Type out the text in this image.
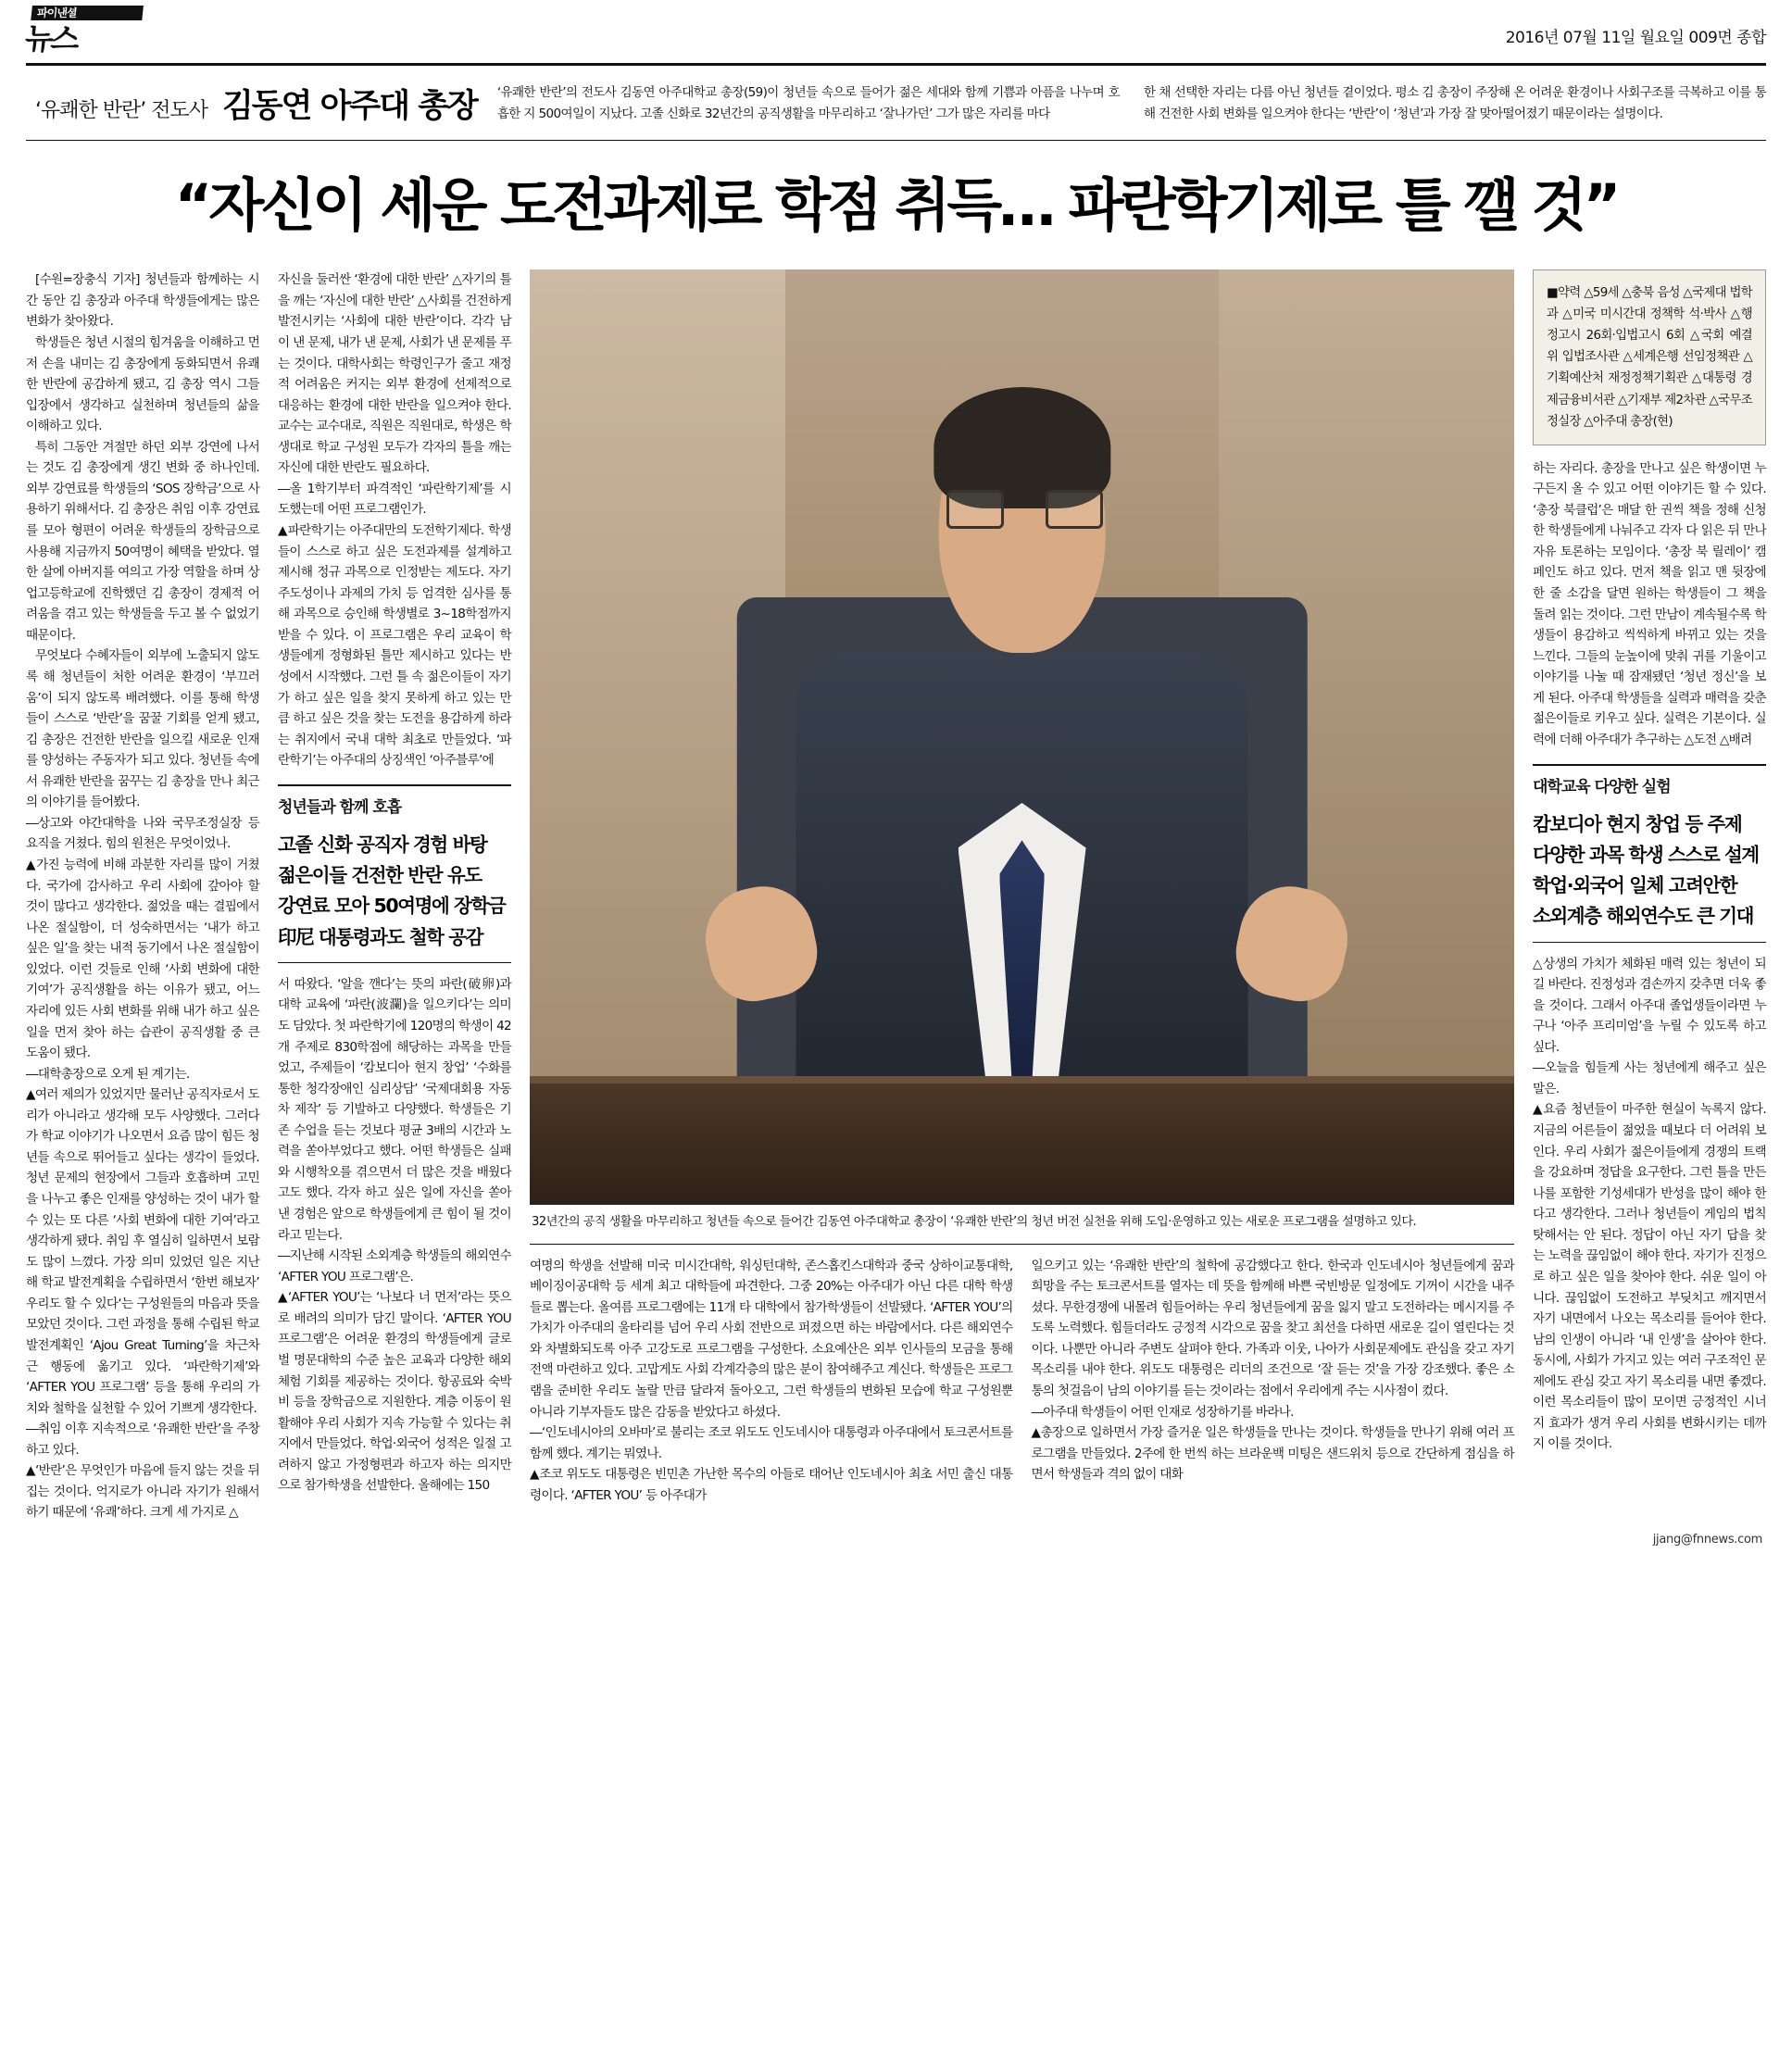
파이낸셜
뉴스	2016년 07월 11일 월요일 009면 종합
‘유쾌한 반란’ 전도사 김동연 아주대 총장 ‘유쾌한 반란’의 전도사 김동연 아주대학교 총장(59)이 청년들 속으로 들어가 젊은 세대와 함께 기쁨과 아픔을 나누며 호흡한 지 500여일이 지났다. 고졸 신화로 32년간의 공직생활을 마무리하고 ‘잘나가던’ 그가 많은 자리를 마다

한 채 선택한 자리는 다름 아닌 청년들 곁이었다. 평소 김 총장이 주장해 온 어려운 환경이나 사회구조를 극복하고 이를 통해 건전한 사회 변화를 일으켜야 한다는 ‘반란’이 ‘청년’과 가장 잘 맞아떨어졌기 때문이라는 설명이다.

“자신이 세운 도전과제로 학점 취득… 파란학기제로 틀 깰 것”

[수원=장충식 기자] 청년들과 함께하는 시간 동안 김 총장과 아주대 학생들에게는 많은 변화가 찾아왔다.

학생들은 청년 시절의 힘겨움을 이해하고 먼저 손을 내미는 김 총장에게 동화되면서 유쾌한 반란에 공감하게 됐고, 김 총장 역시 그들 입장에서 생각하고 실천하며 청년들의 삶을 이해하고 있다.

특히 그동안 겨절만 하던 외부 강연에 나서는 것도 김 총장에게 생긴 변화 중 하나인데. 외부 강연료를 학생들의 ‘SOS 장학금’으로 사용하기 위해서다. 김 총장은 취임 이후 강연료를 모아 형편이 어려운 학생들의 장학금으로 사용해 지금까지 50여명이 혜택을 받았다. 열한 살에 아버지를 여의고 가장 역할을 하며 상업고등학교에 진학했던 김 총장이 경제적 어려움을 겪고 있는 학생들을 두고 볼 수 없었기 때문이다.

무엇보다 수혜자들이 외부에 노출되지 않도록 해 청년들이 처한 어려운 환경이 ‘부끄러움’이 되지 않도록 배려했다. 이를 통해 학생들이 스스로 ‘반란’을 꿈꿀 기회를 얻게 됐고, 김 총장은 건전한 반란을 일으킬 새로운 인재를 양성하는 주동자가 되고 있다. 청년들 속에서 유쾌한 반란을 꿈꾸는 김 총장을 만나 최근의 이야기를 들어봤다.

―상고와 야간대학을 나와 국무조정실장 등 요직을 거쳤다. 힘의 원천은 무엇이었나.

▲가진 능력에 비해 과분한 자리를 많이 거쳤다. 국가에 감사하고 우리 사회에 갚아야 할 것이 많다고 생각한다. 젊었을 때는 결핍에서 나온 절실함이, 더 성숙하면서는 ‘내가 하고 싶은 일’을 찾는 내적 동기에서 나온 절실함이 있었다. 이런 것들로 인해 ‘사회 변화에 대한 기여’가 공직생활을 하는 이유가 됐고, 어느 자리에 있든 사회 변화를 위해 내가 하고 싶은 일을 먼저 찾아 하는 습관이 공직생활 중 큰 도움이 됐다.

―대학총장으로 오게 된 계기는.

▲여러 제의가 있었지만 물러난 공직자로서 도리가 아니라고 생각해 모두 사양했다. 그러다가 학교 이야기가 나오면서 요즘 많이 힘든 청년들 속으로 뛰어들고 싶다는 생각이 들었다. 청년 문제의 현장에서 그들과 호흡하며 고민을 나누고 좋은 인재를 양성하는 것이 내가 할 수 있는 또 다른 ‘사회 변화에 대한 기여’라고 생각하게 됐다. 취임 후 열심히 일하면서 보람도 많이 느꼈다. 가장 의미 있었던 일은 지난해 학교 발전계획을 수립하면서 ‘한번 해보자’ 우리도 할 수 있다‘는 구성원들의 마음과 뜻을 모았던 것이다. 그런 과정을 통해 수립된 학교 발전계획인 ‘Ajou Great Turning’을 차근차근 행동에 옮기고 있다. ‘파란학기제’와 ‘AFTER YOU 프로그램’ 등을 통해 우리의 가치와 철학을 실천할 수 있어 기쁘게 생각한다.

―취임 이후 지속적으로 ‘유쾌한 반란’을 주창하고 있다.

▲‘반란’은 무엇인가 마음에 들지 않는 것을 뒤집는 것이다. 억지로가 아니라 자기가 원해서 하기 때문에 ‘유쾌’하다. 크게 세 가지로 △

자신을 둘러싼 ‘환경에 대한 반란’ △자기의 틀을 깨는 ‘자신에 대한 반란’ △사회를 건전하게 발전시키는 ‘사회에 대한 반란’이다. 각각 남이 낸 문제, 내가 낸 문제, 사회가 낸 문제를 푸는 것이다. 대학사회는 학령인구가 줄고 재정적 어려움은 커지는 외부 환경에 선제적으로 대응하는 환경에 대한 반란을 일으켜야 한다. 교수는 교수대로, 직원은 직원대로, 학생은 학생대로 학교 구성원 모두가 각자의 틀을 깨는 자신에 대한 반란도 필요하다.

―올 1학기부터 파격적인 ‘파란학기제’를 시도했는데 어떤 프로그램인가.

▲파란학기는 아주대만의 도전학기제다. 학생들이 스스로 하고 싶은 도전과제를 설계하고 제시해 정규 과목으로 인정받는 제도다. 자기주도성이나 과제의 가치 등 엄격한 심사를 통해 과목으로 승인해 학생별로 3~18학점까지 받을 수 있다. 이 프로그램은 우리 교육이 학생들에게 정형화된 틀만 제시하고 있다는 반성에서 시작했다. 그런 틀 속 젊은이들이 자기가 하고 싶은 일을 찾지 못하게 하고 있는 만큼 하고 싶은 것을 찾는 도전을 용감하게 하라는 취지에서 국내 대학 최초로 만들었다. ‘파란학기’는 아주대의 상징색인 ‘아주블루’에

청년들과 함께 호흡
고졸 신화 공직자 경험 바탕
젊은이들 건전한 반란 유도
강연료 모아 50여명에 장학금
印尼 대통령과도 철학 공감

서 따왔다. ‘알을 깬다’는 뜻의 파란(破卵)과 대학 교육에 ‘파란(波瀾)을 일으키다’는 의미도 담았다. 첫 파란학기에 120명의 학생이 42개 주제로 830학점에 해당하는 과목을 만들었고, 주제들이 ‘캄보디아 현지 창업’ ‘수화를 통한 청각장애인 심리상담’ ‘국제대회용 자동차 제작’ 등 기발하고 다양했다. 학생들은 기존 수업을 듣는 것보다 평균 3배의 시간과 노력을 쏟아부었다고 했다. 어떤 학생들은 실패와 시행착오를 겪으면서 더 많은 것을 배웠다고도 했다. 각자 하고 싶은 일에 자신을 쏟아낸 경험은 앞으로 학생들에게 큰 힘이 될 것이라고 믿는다.

―지난해 시작된 소외계층 학생들의 해외연수 ‘AFTER YOU 프로그램’은.

▲‘AFTER YOU’는 ‘나보다 너 먼저’라는 뜻으로 배려의 의미가 담긴 말이다. ‘AFTER YOU 프로그램’은 어려운 환경의 학생들에게 글로벌 명문대학의 수준 높은 교육과 다양한 해외체험 기회를 제공하는 것이다. 항공료와 숙박비 등을 장학금으로 지원한다. 계층 이동이 원활해야 우리 사회가 지속 가능할 수 있다는 취지에서 만들었다. 학업·외국어 성적은 일절 고려하지 않고 가정형편과 하고자 하는 의지만으로 참가학생을 선발한다. 올해에는 150

32년간의 공직 생활을 마무리하고 청년들 속으로 들어간 김동연 아주대학교 총장이 ‘유쾌한 반란’의 청년 버전 실천을 위해 도입·운영하고 있는 새로운 프로그램을 설명하고 있다.

여명의 학생을 선발해 미국 미시간대학, 워싱턴대학, 존스홉킨스대학과 중국 상하이교통대학, 베이징이공대학 등 세계 최고 대학들에 파견한다. 그중 20%는 아주대가 아닌 다른 대학 학생들로 뽑는다. 올여름 프로그램에는 11개 타 대학에서 참가학생들이 선발됐다. ‘AFTER YOU’의 가치가 아주대의 울타리를 넘어 우리 사회 전반으로 퍼졌으면 하는 바람에서다. 다른 해외연수와 차별화되도록 아주 고강도로 프로그램을 구성한다. 소요예산은 외부 인사들의 모금을 통해 전액 마련하고 있다. 고맙게도 사회 각계각층의 많은 분이 참여해주고 계신다. 학생들은 프로그램을 준비한 우리도 놀랄 만큼 달라져 돌아오고, 그런 학생들의 변화된 모습에 학교 구성원뿐 아니라 기부자들도 많은 감동을 받았다고 하셨다.

―‘인도네시아의 오바마’로 불리는 조코 위도도 인도네시아 대통령과 아주대에서 토크콘서트를 함께 했다. 계기는 뭐였나.

▲조코 위도도 대통령은 빈민촌 가난한 목수의 아들로 태어난 인도네시아 최초 서민 출신 대통령이다. ‘AFTER YOU’ 등 아주대가

일으키고 있는 ‘유쾌한 반란’의 철학에 공감했다고 한다. 한국과 인도네시아 청년들에게 꿈과 희망을 주는 토크콘서트를 열자는 데 뜻을 함께해 바쁜 국빈방문 일정에도 기꺼이 시간을 내주셨다. 무한경쟁에 내몰려 힘들어하는 우리 청년들에게 꿈을 잃지 말고 도전하라는 메시지를 주도록 노력했다. 힘들더라도 긍정적 시각으로 꿈을 찾고 최선을 다하면 새로운 길이 열린다는 것이다. 나뿐만 아니라 주변도 살펴야 한다. 가족과 이웃, 나아가 사회문제에도 관심을 갖고 자기 목소리를 내야 한다. 위도도 대통령은 리더의 조건으로 ‘잘 듣는 것’을 가장 강조했다. 좋은 소통의 첫걸음이 남의 이야기를 듣는 것이라는 점에서 우리에게 주는 시사점이 컸다.

―아주대 학생들이 어떤 인재로 성장하기를 바라나.

▲총장으로 일하면서 가장 즐거운 일은 학생들을 만나는 것이다. 학생들을 만나기 위해 여러 프로그램을 만들었다. 2주에 한 번씩 하는 브라운백 미팅은 샌드위치 등으로 간단하게 점심을 하면서 학생들과 격의 없이 대화

■약력 △59세 △충북 음성 △국제대 법학과 △미국 미시간대 정책학 석·박사 △행정고시 26회·입법고시 6회 △국회 예결위 입법조사관 △세계은행 선임정책관 △기획예산처 재정정책기획관 △대통령 경제금융비서관 △기재부 제2차관 △국무조정실장 △아주대 총장(현)

하는 자리다. 총장을 만나고 싶은 학생이면 누구든지 올 수 있고 어떤 이야기든 할 수 있다. ‘총장 북클럽’은 매달 한 권씩 책을 정해 신청한 학생들에게 나눠주고 각자 다 읽은 뒤 만나 자유 토론하는 모임이다. ‘총장 북 릴레이’ 캠페인도 하고 있다. 먼저 책을 읽고 맨 뒷장에 한 줄 소감을 달면 원하는 학생들이 그 책을 돌려 읽는 것이다. 그런 만남이 계속될수록 학생들이 용감하고 씩씩하게 바뀌고 있는 것을 느낀다. 그들의 눈높이에 맞춰 귀를 기울이고 이야기를 나눌 때 잠재됐던 ‘청년 정신’을 보게 된다. 아주대 학생들을 실력과 매력을 갖춘 젊은이들로 키우고 싶다. 실력은 기본이다. 실력에 더해 아주대가 추구하는 △도전 △배려

대학교육 다양한 실험
캄보디아 현지 창업 등 주제
다양한 과목 학생 스스로 설계
학업·외국어 일체 고려안한
소외계층 해외연수도 큰 기대

△상생의 가치가 체화된 매력 있는 청년이 되길 바란다. 진정성과 겸손까지 갖추면 더욱 좋을 것이다. 그래서 아주대 졸업생들이라면 누구나 ‘아주 프리미엄’을 누릴 수 있도록 하고 싶다.

―오늘을 힘들게 사는 청년에게 해주고 싶은 말은.

▲요즘 청년들이 마주한 현실이 녹록지 않다. 지금의 어른들이 젊었을 때보다 더 어려워 보인다. 우리 사회가 젊은이들에게 경쟁의 트랙을 강요하며 정답을 요구한다. 그런 틀을 만든 나를 포함한 기성세대가 반성을 많이 해야 한다고 생각한다. 그러나 청년들이 게임의 법칙 탓해서는 안 된다. 정답이 아닌 자기 답을 찾는 노력을 끊임없이 해야 한다. 자기가 진정으로 하고 싶은 일을 찾아야 한다. 쉬운 일이 아니다. 끊임없이 도전하고 부딪치고 깨지면서 자기 내면에서 나오는 목소리를 들어야 한다. 남의 인생이 아니라 ‘내 인생’을 살아야 한다. 동시에, 사회가 가지고 있는 여러 구조적인 문제에도 관심 갖고 자기 목소리를 내면 좋겠다. 이런 목소리들이 많이 모이면 긍정적인 시너지 효과가 생겨 우리 사회를 변화시키는 데까지 이를 것이다.

jjang@fnnews.com
